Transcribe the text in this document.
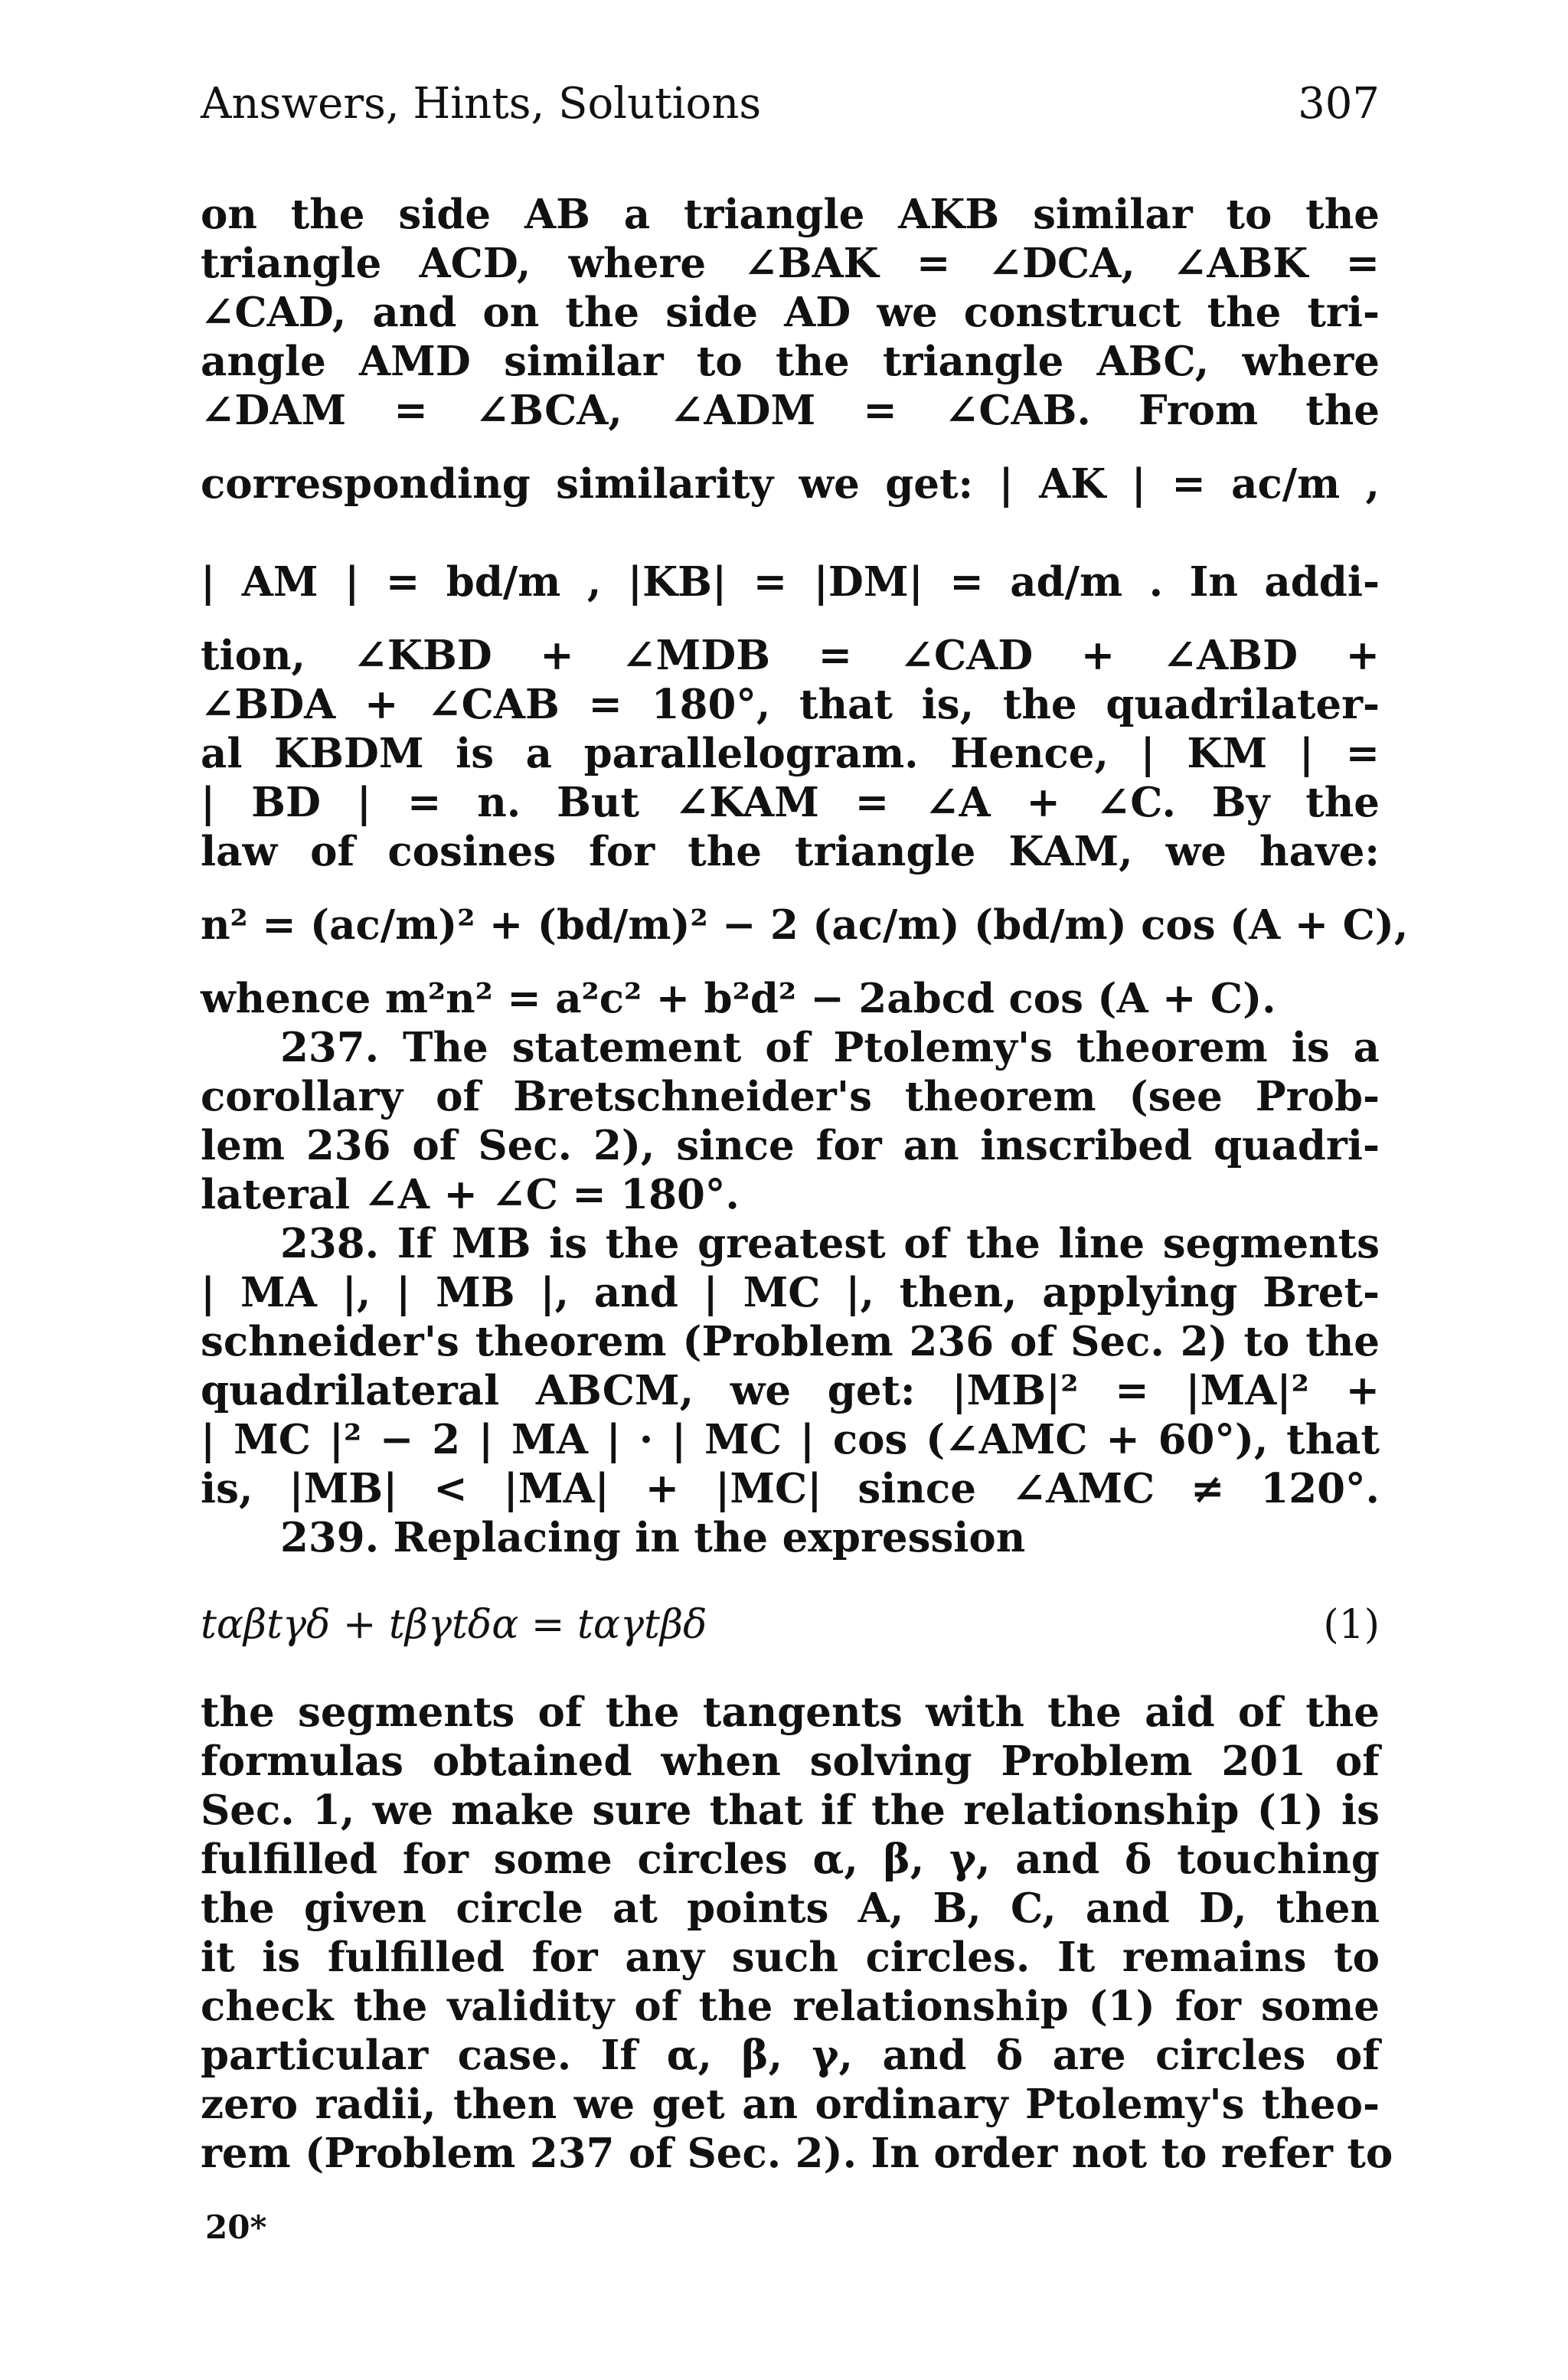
Answers, Hints, Solutions	307
on the side AB a triangle AKB similar to the
triangle ACD, where ∠BAK = ∠DCA, ∠ABK =
∠CAD, and on the side AD we construct the tri-
angle AMD similar to the triangle ABC, where
∠DAM = ∠BCA, ∠ADM = ∠CAB. From the
corresponding similarity we get: | AK | = ac/m ,
| AM | = bd/m , |KB| = |DM| = ad/m . In addi-
tion, ∠KBD + ∠MDB = ∠CAD + ∠ABD +
∠BDA + ∠CAB = 180°, that is, the quadrilater-
al KBDM is a parallelogram. Hence, | KM | =
| BD | = n. But ∠KAM = ∠A + ∠C. By the
law of cosines for the triangle KAM, we have:
n² = (ac/m)² + (bd/m)² − 2 (ac/m) (bd/m) cos (A + C),
whence m²n² = a²c² + b²d² − 2abcd cos (A + C).
237. The statement of Ptolemy's theorem is a
corollary of Bretschneider's theorem (see Prob-
lem 236 of Sec. 2), since for an inscribed quadri-
lateral ∠A + ∠C = 180°.
238. If MB is the greatest of the line segments
| MA |, | MB |, and | MC |, then, applying Bret-
schneider's theorem (Problem 236 of Sec. 2) to the
quadrilateral ABCM, we get: |MB|² = |MA|² +
| MC |² − 2 | MA | · | MC | cos (∠AMC + 60°), that
is, |MB| < |MA| + |MC| since ∠AMC ≠ 120°.
239. Replacing in the expression
tαβtγδ + tβγtδα = tαγtβδ	(1)
the segments of the tangents with the aid of the
formulas obtained when solving Problem 201 of
Sec. 1, we make sure that if the relationship (1) is
fulfilled for some circles α, β, γ, and δ touching
the given circle at points A, B, C, and D, then
it is fulfilled for any such circles. It remains to
check the validity of the relationship (1) for some
particular case. If α, β, γ, and δ are circles of
zero radii, then we get an ordinary Ptolemy's theo-
rem (Problem 237 of Sec. 2). In order not to refer to
20*
